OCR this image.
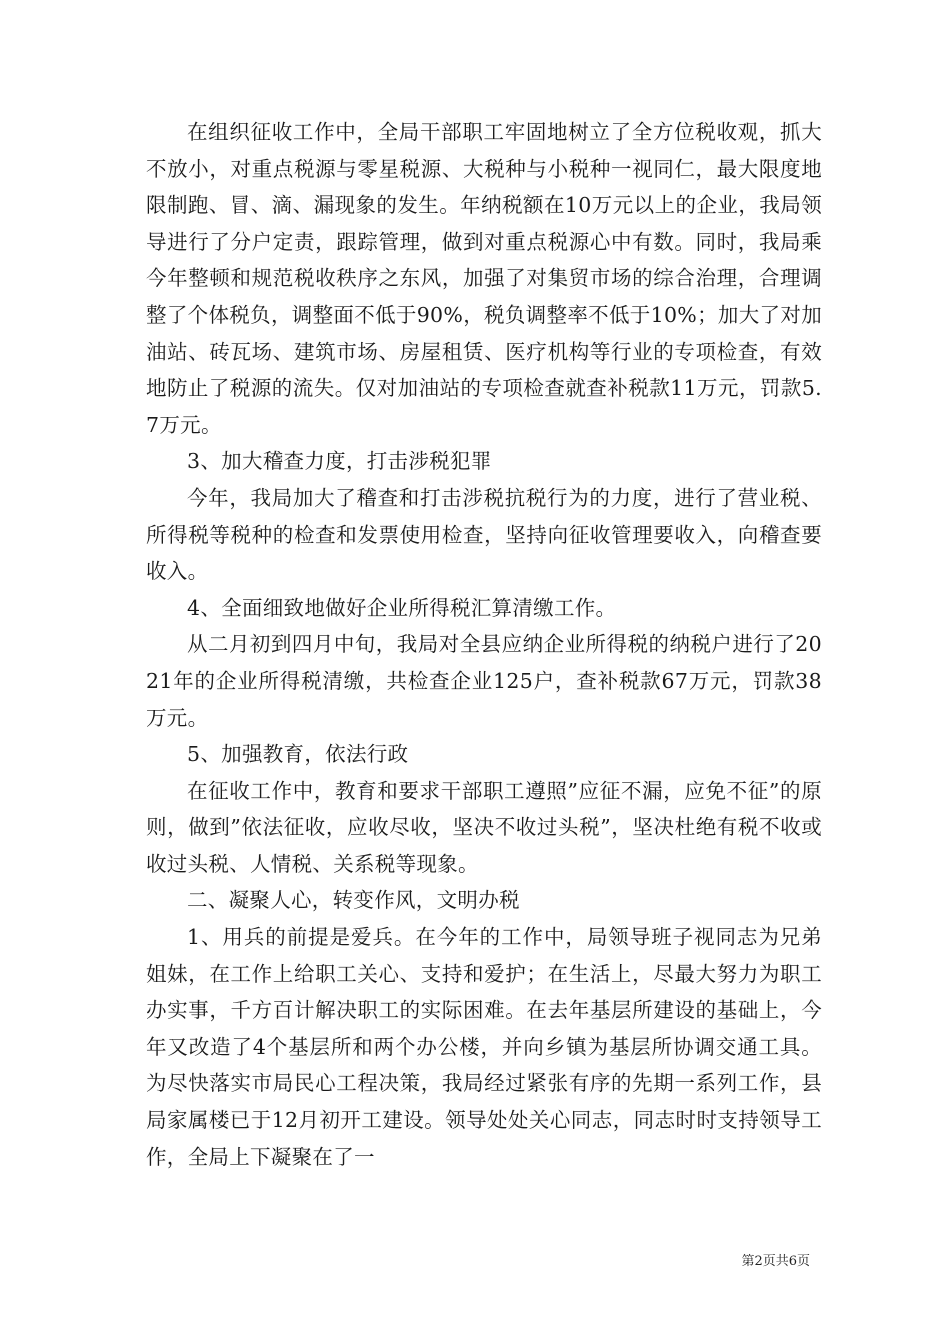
在组织征收工作中，全局干部职工牢固地树立了全方位税收观，抓大不放小，对重点税源与零星税源、大税种与小税种一视同仁，最大限度地限制跑、冒、滴、漏现象的发生。年纳税额在10万元以上的企业，我局领导进行了分户定责，跟踪管理，做到对重点税源心中有数。同时，我局乘今年整顿和规范税收秩序之东风，加强了对集贸市场的综合治理，合理调整了个体税负，调整面不低于90%，税负调整率不低于10%；加大了对加油站、砖瓦场、建筑市场、房屋租赁、医疗机构等行业的专项检查，有效地防止了税源的流失。仅对加油站的专项检查就查补税款11万元，罚款5.7万元。

3、加大稽查力度，打击涉税犯罪

今年，我局加大了稽查和打击涉税抗税行为的力度，进行了营业税、所得税等税种的检查和发票使用检查，坚持向征收管理要收入，向稽查要收入。

4、全面细致地做好企业所得税汇算清缴工作。

从二月初到四月中旬，我局对全县应纳企业所得税的纳税户进行了2021年的企业所得税清缴，共检查企业125户，查补税款67万元，罚款38万元。

5、加强教育，依法行政

在征收工作中，教育和要求干部职工遵照”应征不漏，应免不征”的原则，做到”依法征收，应收尽收，坚决不收过头税”，坚决杜绝有税不收或收过头税、人情税、关系税等现象。

二、凝聚人心，转变作风，文明办税

1、用兵的前提是爱兵。在今年的工作中，局领导班子视同志为兄弟姐妹，在工作上给职工关心、支持和爱护；在生活上，尽最大努力为职工办实事，千方百计解决职工的实际困难。在去年基层所建设的基础上，今年又改造了4个基层所和两个办公楼，并向乡镇为基层所协调交通工具。为尽快落实市局民心工程决策，我局经过紧张有序的先期一系列工作，县局家属楼已于12月初开工建设。领导处处关心同志，同志时时支持领导工作，全局上下凝聚在了一

第2页共6页
